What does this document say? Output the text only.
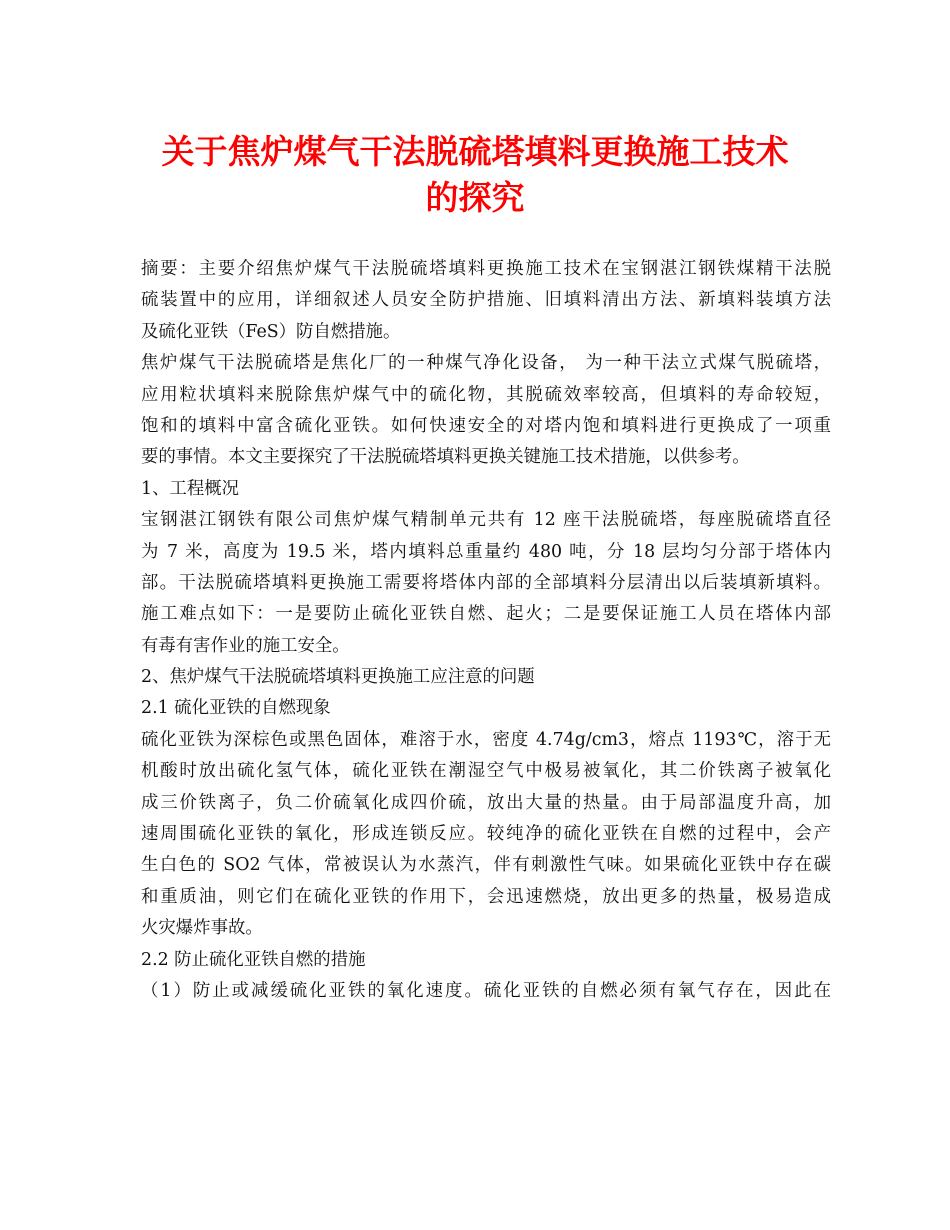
关于焦炉煤气干法脱硫塔填料更换施工技术
的探究
摘要：主要介绍焦炉煤气干法脱硫塔填料更换施工技术在宝钢湛江钢铁煤精干法脱
硫装置中的应用，详细叙述人员安全防护措施、旧填料清出方法、新填料装填方法
及硫化亚铁（FeS）防自燃措施。
焦炉煤气干法脱硫塔是焦化厂的一种煤气净化设备， 为一种干法立式煤气脱硫塔，
应用粒状填料来脱除焦炉煤气中的硫化物，其脱硫效率较高，但填料的寿命较短，
饱和的填料中富含硫化亚铁。如何快速安全的对塔内饱和填料进行更换成了一项重
要的事情。本文主要探究了干法脱硫塔填料更换关键施工技术措施，以供参考。
1、工程概况
宝钢湛江钢铁有限公司焦炉煤气精制单元共有 12 座干法脱硫塔，每座脱硫塔直径
为 7 米，高度为 19.5 米，塔内填料总重量约 480 吨，分 18 层均匀分部于塔体内
部。干法脱硫塔填料更换施工需要将塔体内部的全部填料分层清出以后装填新填料。
施工难点如下：一是要防止硫化亚铁自燃、起火；二是要保证施工人员在塔体内部
有毒有害作业的施工安全。
2、焦炉煤气干法脱硫塔填料更换施工应注意的问题
2.1 硫化亚铁的自燃现象
硫化亚铁为深棕色或黑色固体，难溶于水，密度 4.74g/cm3，熔点 1193℃，溶于无
机酸时放出硫化氢气体，硫化亚铁在潮湿空气中极易被氧化，其二价铁离子被氧化
成三价铁离子，负二价硫氧化成四价硫，放出大量的热量。由于局部温度升高，加
速周围硫化亚铁的氧化，形成连锁反应。较纯净的硫化亚铁在自燃的过程中，会产
生白色的 SO2 气体，常被误认为水蒸汽，伴有刺激性气味。如果硫化亚铁中存在碳
和重质油，则它们在硫化亚铁的作用下，会迅速燃烧，放出更多的热量，极易造成
火灾爆炸事故。
2.2 防止硫化亚铁自燃的措施
（1）防止或减缓硫化亚铁的氧化速度。硫化亚铁的自燃必须有氧气存在，因此在
